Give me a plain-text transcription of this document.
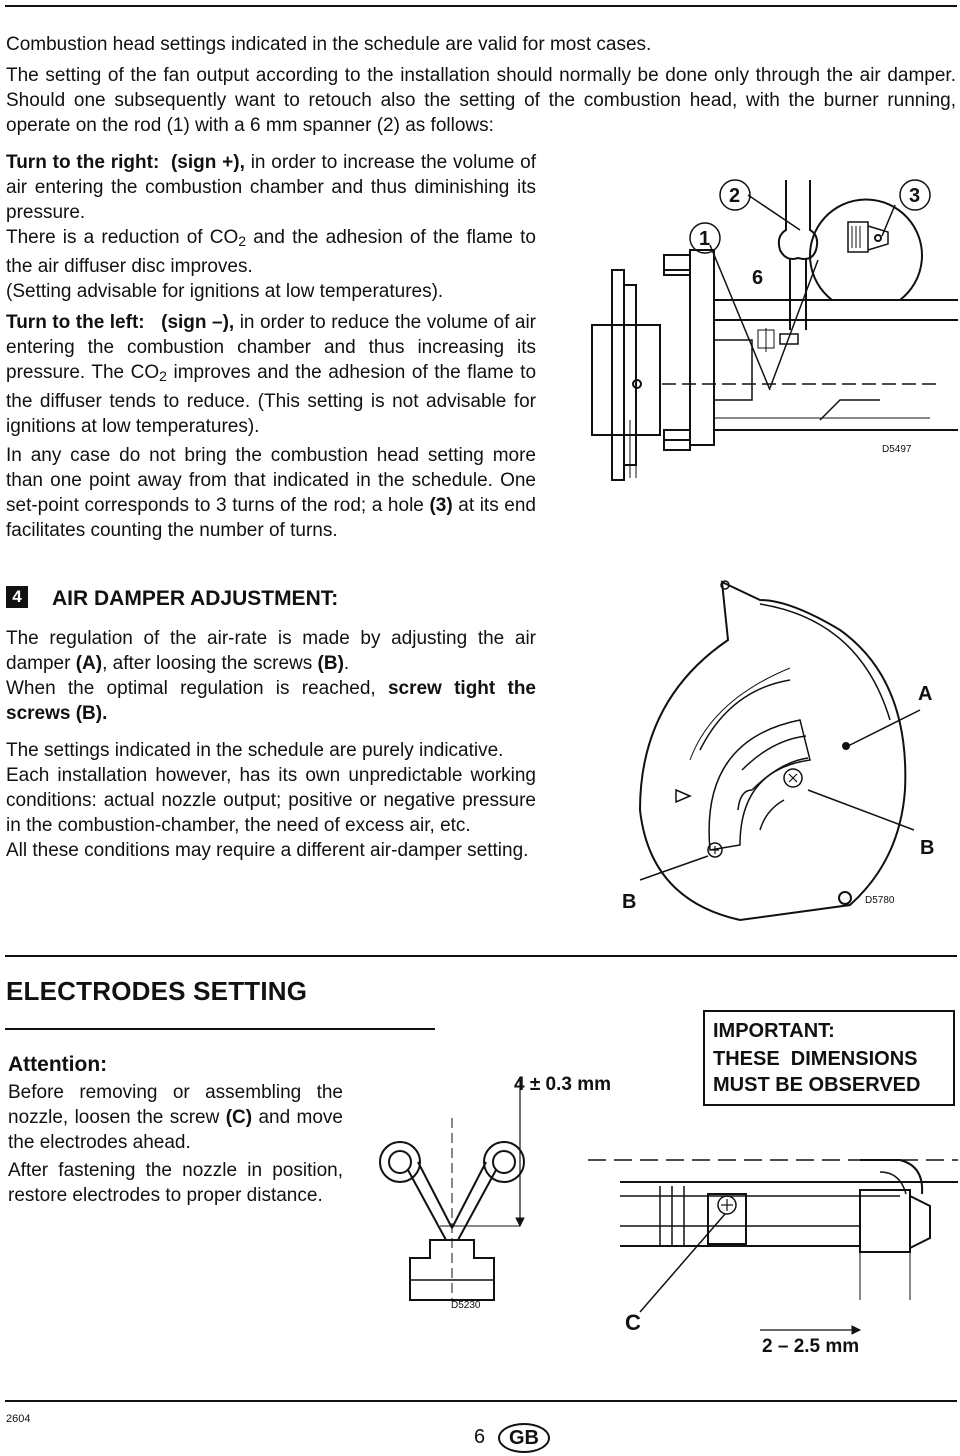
Combustion head settings indicated in the schedule are valid for most cases.
The setting of the fan output according to the installation should normally be done only through the air damper. Should one subsequently want to retouch also the setting of the combustion head, with the burner running, operate on the rod (1) with a 6 mm spanner (2) as follows:
Turn to the right: (sign +), in order to increase the volume of air entering the combustion chamber and thus diminishing its pressure.
There is a reduction of CO2 and the adhesion of the flame to the air diffuser disc improves.
(Setting advisable for ignitions at low temperatures).
Turn to the left: (sign –), in order to reduce the volume of air entering the combustion chamber and thus increasing its pressure. The CO2 improves and the adhesion of the flame to the diffuser tends to reduce. (This setting is not advisable for ignitions at low temperatures).
In any case do not bring the combustion head setting more than one point away from that indicated in the schedule. One set-point corresponds to 3 turns of the rod; a hole (3) at its end facilitates counting the number of turns.
1
2	3
6
D5497
4 AIR DAMPER ADJUSTMENT:
The regulation of the air-rate is made by adjusting the air damper (A), after loosing the screws (B).
When the optimal regulation is reached, screw tight the screws (B).
The settings indicated in the schedule are purely indicative.
Each installation however, has its own unpredictable working conditions: actual nozzle output; positive or negative pressure in the combustion-chamber, the need of excess air, etc.
All these conditions may require a different air-damper setting.
A
B
B	D5780
ELECTRODES SETTING
Attention:
Before removing or assembling the nozzle, loosen the screw (C) and move the electrodes ahead.
After fastening the nozzle in position, restore electrodes to proper distance.
IMPORTANT:
THESE  DIMENSIONS
MUST BE OBSERVED
4 ± 0.3 mm
C
2 – 2.5 mm
D5230
2604
6	GB
